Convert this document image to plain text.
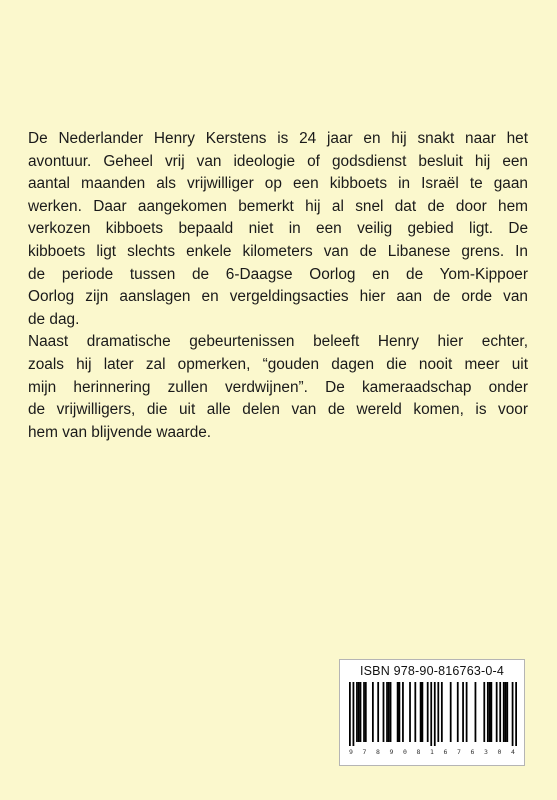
De Nederlander Henry Kerstens is 24 jaar en hij snakt naar het

avontuur. Geheel vrij van ideologie of godsdienst besluit hij een

aantal maanden als vrijwilliger op een kibboets in Israël te gaan

werken. Daar aangekomen bemerkt hij al snel dat de door hem

verkozen kibboets bepaald niet in een veilig gebied ligt. De

kibboets ligt slechts enkele kilometers van de Libanese grens. In

de periode tussen de 6-Daagse Oorlog en de Yom-Kippoer

Oorlog zijn aanslagen en vergeldingsacties hier aan de orde van

de dag.

Naast dramatische gebeurtenissen beleeft Henry hier echter,

zoals hij later zal opmerken, “gouden dagen die nooit meer uit

mijn herinnering zullen verdwijnen”. De kameraadschap onder

de vrijwilligers, die uit alle delen van de wereld komen, is voor

hem van blijvende waarde.

ISBN 978-90-816763-0-4
9 7 8 9 0 8 1 6 7 6 3 0 4
